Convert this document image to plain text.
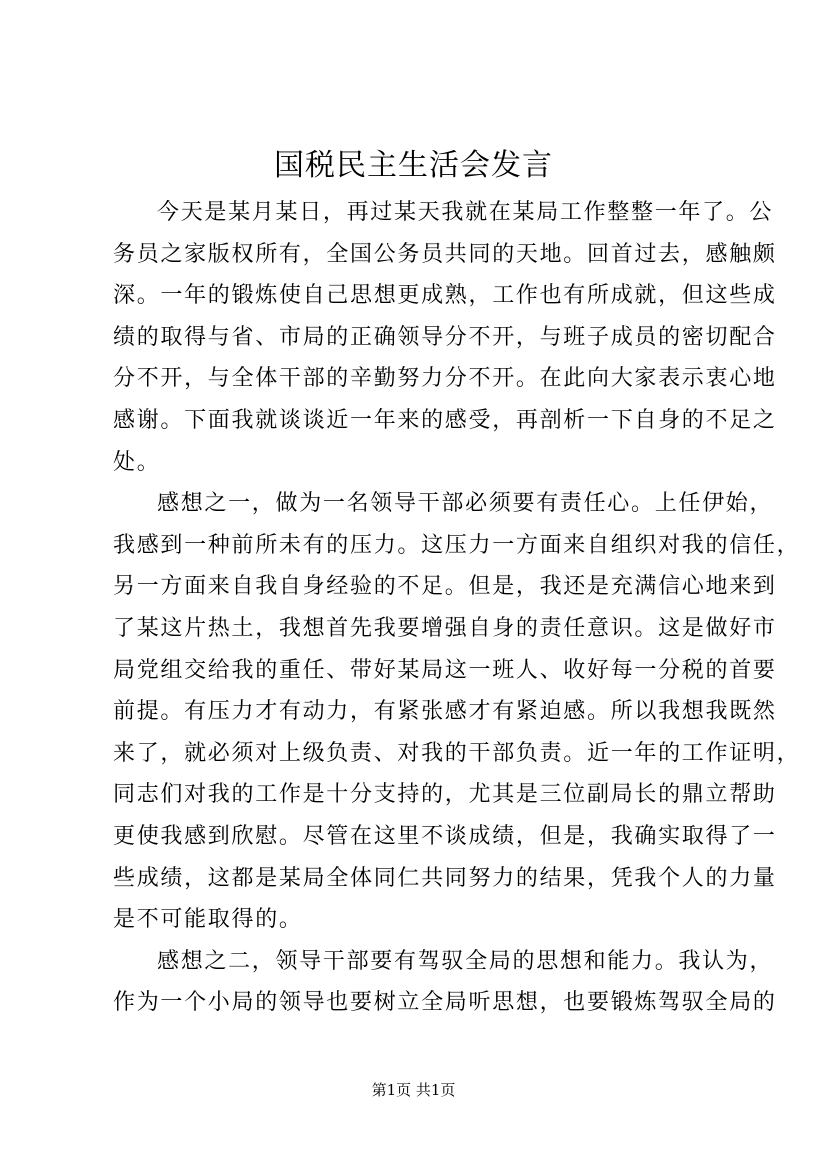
国税民主生活会发言

今天是某月某日，再过某天我就在某局工作整整一年了。公
务员之家版权所有，全国公务员共同的天地。回首过去，感触颇
深。一年的锻炼使自己思想更成熟，工作也有所成就，但这些成
绩的取得与省、市局的正确领导分不开，与班子成员的密切配合
分不开，与全体干部的辛勤努力分不开。在此向大家表示衷心地
感谢。下面我就谈谈近一年来的感受，再剖析一下自身的不足之
处。

感想之一，做为一名领导干部必须要有责任心。上任伊始，
我感到一种前所未有的压力。这压力一方面来自组织对我的信任，
另一方面来自我自身经验的不足。但是，我还是充满信心地来到
了某这片热土，我想首先我要增强自身的责任意识。这是做好市
局党组交给我的重任、带好某局这一班人、收好每一分税的首要
前提。有压力才有动力，有紧张感才有紧迫感。所以我想我既然
来了，就必须对上级负责、对我的干部负责。近一年的工作证明，
同志们对我的工作是十分支持的，尤其是三位副局长的鼎立帮助
更使我感到欣慰。尽管在这里不谈成绩，但是，我确实取得了一
些成绩，这都是某局全体同仁共同努力的结果，凭我个人的力量
是不可能取得的。

感想之二，领导干部要有驾驭全局的思想和能力。我认为，
作为一个小局的领导也要树立全局听思想，也要锻炼驾驭全局的

第1页 共1页
